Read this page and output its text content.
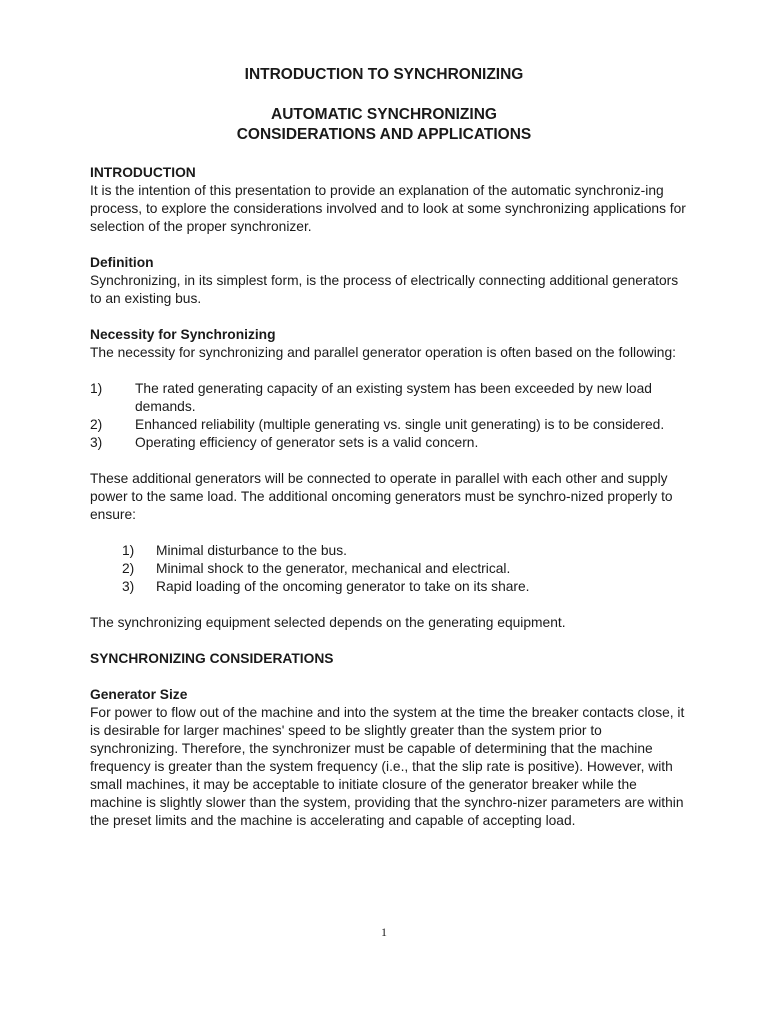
INTRODUCTION TO SYNCHRONIZING
AUTOMATIC SYNCHRONIZING
CONSIDERATIONS AND APPLICATIONS

INTRODUCTION

It is the intention of this presentation to provide an explanation of the automatic synchroniz-ing process, to explore the considerations involved and to look at some synchronizing applications for selection of the proper synchronizer.

Definition

Synchronizing, in its simplest form, is the process of electrically connecting additional generators to an existing bus.

Necessity for Synchronizing

The necessity for synchronizing and parallel generator operation is often based on the following:

1)	The rated generating capacity of an existing system has been exceeded by new load demands.
2)	Enhanced reliability (multiple generating vs. single unit generating) is to be considered.
3)	Operating efficiency of generator sets is a valid concern.

These additional generators will be connected to operate in parallel with each other and supply power to the same load. The additional oncoming generators must be synchro-nized properly to ensure:

1)	Minimal disturbance to the bus.
2)	Minimal shock to the generator, mechanical and electrical.
3)	Rapid loading of the oncoming generator to take on its share.

The synchronizing equipment selected depends on the generating equipment.

SYNCHRONIZING CONSIDERATIONS

Generator Size

For power to flow out of the machine and into the system at the time the breaker contacts close, it is desirable for larger machines' speed to be slightly greater than the system prior to synchronizing. Therefore, the synchronizer must be capable of determining that the machine frequency is greater than the system frequency (i.e., that the slip rate is positive). However, with small machines, it may be acceptable to initiate closure of the generator breaker while the machine is slightly slower than the system, providing that the synchro-nizer parameters are within the preset limits and the machine is accelerating and capable of accepting load.

1
